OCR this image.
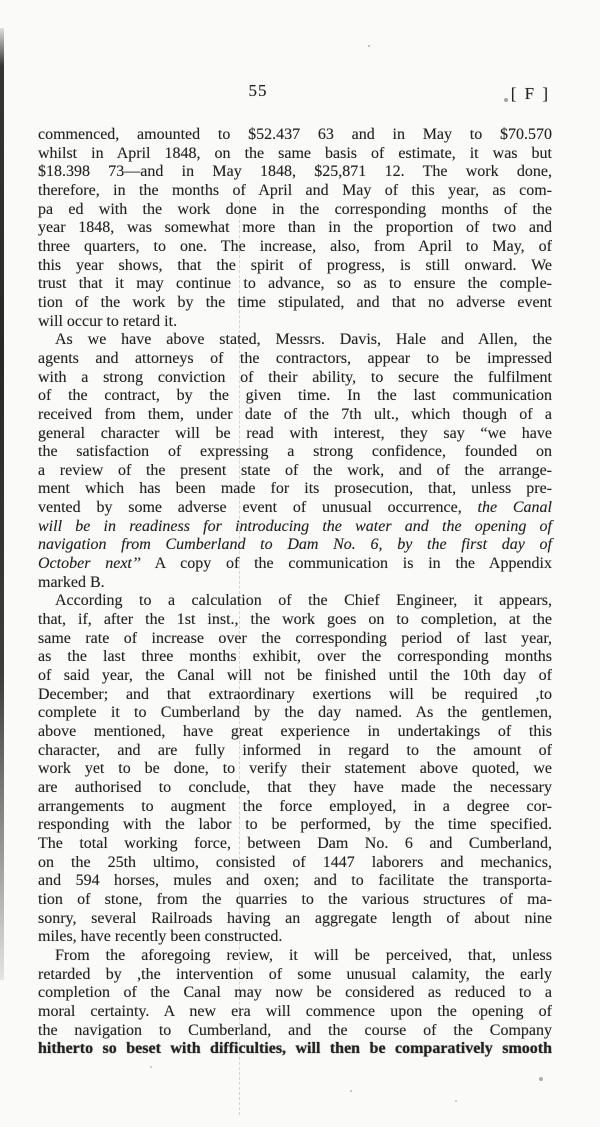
55	[ F ]
commenced, amounted to $52.437 63 and in May to $70.570
whilst in April 1848, on the same basis of estimate, it was but
$18.398 73—and in May 1848, $25,871 12. The work done,
therefore, in the months of April and May of this year, as com-
pa ed with the work done in the corresponding months of the
year 1848, was somewhat more than in the proportion of two and
three quarters, to one. The increase, also, from April to May, of
this year shows, that the spirit of progress, is still onward. We
trust that it may continue to advance, so as to ensure the comple-
tion of the work by the time stipulated, and that no adverse event
will occur to retard it.
As we have above stated, Messrs. Davis, Hale and Allen, the
agents and attorneys of the contractors, appear to be impressed
with a strong conviction of their ability, to secure the fulfilment
of the contract, by the given time. In the last communication
received from them, under date of the 7th ult., which though of a
general character will be read with interest, they say “we have
the satisfaction of expressing a strong confidence, founded on
a review of the present state of the work, and of the arrange-
ment which has been made for its prosecution, that, unless pre-
vented by some adverse event of unusual occurrence, the Canal
will be in readiness for introducing the water and the opening of
navigation from Cumberland to Dam No. 6, by the first day of
October next’’ A copy of the communication is in the Appendix
marked B.
According to a calculation of the Chief Engineer, it appears,
that, if, after the 1st inst., the work goes on to completion, at the
same rate of increase over the corresponding period of last year,
as the last three months exhibit, over the corresponding months
of said year, the Canal will not be finished until the 10th day of
December; and that extraordinary exertions will be required ,to
complete it to Cumberland by the day named. As the gentlemen,
above mentioned, have great experience in undertakings of this
character, and are fully informed in regard to the amount of
work yet to be done, to verify their statement above quoted, we
are authorised to conclude, that they have made the necessary
arrangements to augment the force employed, in a degree cor-
responding with the labor to be performed, by the time specified.
The total working force, between Dam No. 6 and Cumberland,
on the 25th ultimo, consisted of 1447 laborers and mechanics,
and 594 horses, mules and oxen; and to facilitate the transporta-
tion of stone, from the quarries to the various structures of ma-
sonry, several Railroads having an aggregate length of about nine
miles, have recently been constructed.
From the aforegoing review, it will be perceived, that, unless
retarded by ,the intervention of some unusual calamity, the early
completion of the Canal may now be considered as reduced to a
moral certainty. A new era will commence upon the opening of
the navigation to Cumberland, and the course of the Company
hitherto so beset with difficulties, will then be comparatively smooth
